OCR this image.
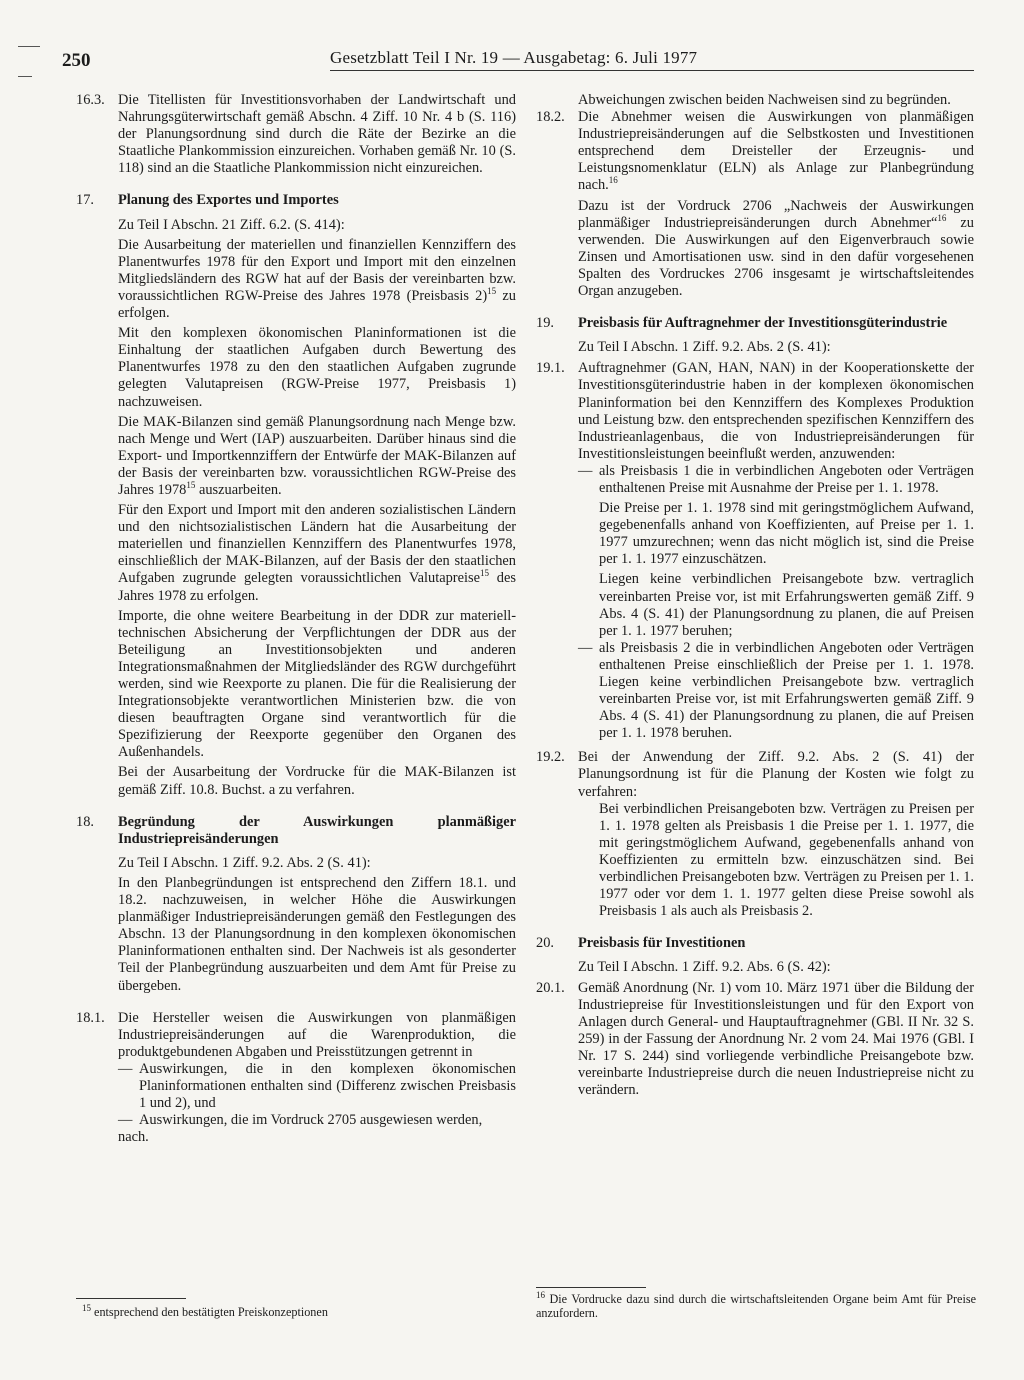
250	Gesetzblatt Teil I Nr. 19 — Ausgabetag: 6. Juli 1977
16.3. Die Titellisten für Investitionsvorhaben der Landwirtschaft und Nahrungsgüterwirtschaft gemäß Abschn. 4 Ziff. 10 Nr. 4 b (S. 116) der Planungsordnung sind durch die Räte der Bezirke an die Staatliche Plankommission einzureichen. Vorhaben gemäß Nr. 10 (S. 118) sind an die Staatliche Plankommission nicht einzureichen.

17.	Planung des Exportes und Importes

Zu Teil I Abschn. 21 Ziff. 6.2. (S. 414):

Die Ausarbeitung der materiellen und finanziellen Kennziffern des Planentwurfes 1978 für den Export und Import mit den einzelnen Mitgliedsländern des RGW hat auf der Basis der vereinbarten bzw. voraussichtlichen RGW-Preise des Jahres 1978 (Preisbasis 2)$^{15}$ zu erfolgen.

Mit den komplexen ökonomischen Planinformationen ist die Einhaltung der staatlichen Aufgaben durch Bewertung des Planentwurfes 1978 zu den den staatlichen Aufgaben zugrunde gelegten Valutapreisen (RGW-Preise 1977, Preisbasis 1) nachzuweisen.

Die MAK-Bilanzen sind gemäß Planungsordnung nach Menge bzw. nach Menge und Wert (IAP) auszuarbeiten. Darüber hinaus sind die Export- und Importkennziffern der Entwürfe der MAK-Bilanzen auf der Basis der vereinbarten bzw. voraussichtlichen RGW-Preise des Jahres 1978$^{15}$ auszuarbeiten.

Für den Export und Import mit den anderen sozialistischen Ländern und den nichtsozialistischen Ländern hat die Ausarbeitung der materiellen und finanziellen Kennziffern des Planentwurfes 1978, einschließlich der MAK-Bilanzen, auf der Basis der den staatlichen Aufgaben zugrunde gelegten voraussichtlichen Valutapreise$^{15}$ des Jahres 1978 zu erfolgen.

Importe, die ohne weitere Bearbeitung in der DDR zur materiell-technischen Absicherung der Verpflichtungen der DDR aus der Beteiligung an Investitionsobjekten und anderen Integrationsmaßnahmen der Mitgliedsländer des RGW durchgeführt werden, sind wie Reexporte zu planen. Die für die Realisierung der Integrationsobjekte verantwortlichen Ministerien bzw. die von diesen beauftragten Organe sind verantwortlich für die Spezifizierung der Reexporte gegenüber den Organen des Außenhandels.

Bei der Ausarbeitung der Vordrucke für die MAK-Bilanzen ist gemäß Ziff. 10.8. Buchst. a zu verfahren.

18.	Begründung der Auswirkungen planmäßiger Industriepreisänderungen

Zu Teil I Abschn. 1 Ziff. 9.2. Abs. 2 (S. 41):

In den Planbegründungen ist entsprechend den Ziffern 18.1. und 18.2. nachzuweisen, in welcher Höhe die Auswirkungen planmäßiger Industriepreisänderungen gemäß den Festlegungen des Abschn. 13 der Planungsordnung in den komplexen ökonomischen Planinformationen enthalten sind. Der Nachweis ist als gesonderter Teil der Planbegründung auszuarbeiten und dem Amt für Preise zu übergeben.

18.1. Die Hersteller weisen die Auswirkungen von planmäßigen Industriepreisänderungen auf die Warenproduktion, die produktgebundenen Abgaben und Preisstützungen getrennt in

— Auswirkungen, die in den komplexen ökonomischen Planinformationen enthalten sind (Differenz zwischen Preisbasis 1 und 2), und
— Auswirkungen, die im Vordruck 2705 ausgewiesen werden,

nach.

Abweichungen zwischen beiden Nachweisen sind zu begründen.

18.2. Die Abnehmer weisen die Auswirkungen von planmäßigen Industriepreisänderungen auf die Selbstkosten und Investitionen entsprechend dem Dreisteller der Erzeugnis- und Leistungsnomenklatur (ELN) als Anlage zur Planbegründung nach.$^{16}$

Dazu ist der Vordruck 2706 „Nachweis der Auswirkungen planmäßiger Industriepreisänderungen durch Abnehmer“$^{16}$ zu verwenden. Die Auswirkungen auf den Eigenverbrauch sowie Zinsen und Amortisationen usw. sind in den dafür vorgesehenen Spalten des Vordruckes 2706 insgesamt je wirtschaftsleitendes Organ anzugeben.

19.	Preisbasis für Auftragnehmer der Investitionsgüterindustrie

Zu Teil I Abschn. 1 Ziff. 9.2. Abs. 2 (S. 41):

19.1. Auftragnehmer (GAN, HAN, NAN) in der Kooperationskette der Investitionsgüterindustrie haben in der komplexen ökonomischen Planinformation bei den Kennziffern des Komplexes Produktion und Leistung bzw. den entsprechenden spezifischen Kennziffern des Industrieanlagenbaus, die von Industriepreisänderungen für Investitionsleistungen beeinflußt werden, anzuwenden:

— als Preisbasis 1 die in verbindlichen Angeboten oder Verträgen enthaltenen Preise mit Ausnahme der Preise per 1. 1. 1978.

Die Preise per 1. 1. 1978 sind mit geringstmöglichem Aufwand, gegebenenfalls anhand von Koeffizienten, auf Preise per 1. 1. 1977 umzurechnen; wenn das nicht möglich ist, sind die Preise per 1. 1. 1977 einzuschätzen.

Liegen keine verbindlichen Preisangebote bzw. vertraglich vereinbarten Preise vor, ist mit Erfahrungswerten gemäß Ziff. 9 Abs. 4 (S. 41) der Planungsordnung zu planen, die auf Preisen per 1. 1. 1977 beruhen;

— als Preisbasis 2 die in verbindlichen Angeboten oder Verträgen enthaltenen Preise einschließlich der Preise per 1. 1. 1978. Liegen keine verbindlichen Preisangebote bzw. vertraglich vereinbarten Preise vor, ist mit Erfahrungswerten gemäß Ziff. 9 Abs. 4 (S. 41) der Planungsordnung zu planen, die auf Preisen per 1. 1. 1978 beruhen.
19.2. Bei der Anwendung der Ziff. 9.2. Abs. 2 (S. 41) der Planungsordnung ist für die Planung der Kosten wie folgt zu verfahren:

Bei verbindlichen Preisangeboten bzw. Verträgen zu Preisen per 1. 1. 1978 gelten als Preisbasis 1 die Preise per 1. 1. 1977, die mit geringstmöglichem Aufwand, gegebenenfalls anhand von Koeffizienten zu ermitteln bzw. einzuschätzen sind. Bei verbindlichen Preisangeboten bzw. Verträgen zu Preisen per 1. 1. 1977 oder vor dem 1. 1. 1977 gelten diese Preise sowohl als Preisbasis 1 als auch als Preisbasis 2.

20.	Preisbasis für Investitionen

Zu Teil I Abschn. 1 Ziff. 9.2. Abs. 6 (S. 42):

20.1. Gemäß Anordnung (Nr. 1) vom 10. März 1971 über die Bildung der Industriepreise für Investitionsleistungen und für den Export von Anlagen durch General- und Hauptauftragnehmer (GBl. II Nr. 32 S. 259) in der Fassung der Anordnung Nr. 2 vom 24. Mai 1976 (GBl. I Nr. 17 S. 244) sind vorliegende verbindliche Preisangebote bzw. vereinbarte Industriepreise durch die neuen Industriepreise nicht zu verändern.

$^{15}$ entsprechend den bestätigten Preiskonzeptionen
$^{16}$ Die Vordrucke dazu sind durch die wirtschaftsleitenden Organe beim Amt für Preise anzufordern.
